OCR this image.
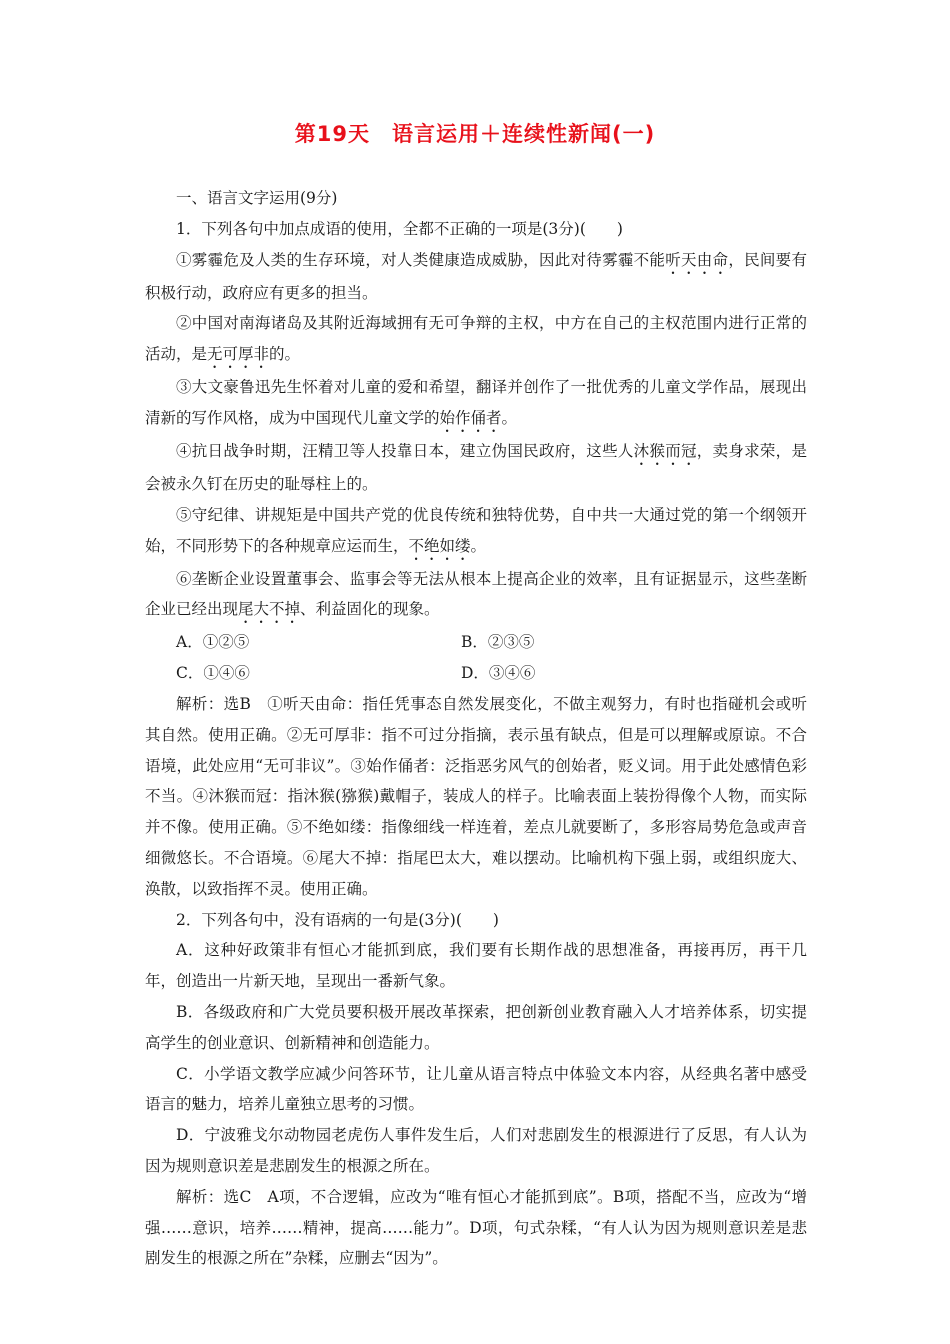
第19天　语言运用＋连续性新闻(一)

一、语言文字运用(9分)

1．下列各句中加点成语的使用，全都不正确的一项是(3分)(　　)

①雾霾危及人类的生存环境，对人类健康造成威胁，因此对待雾霾不能听天由命，民间要有积极行动，政府应有更多的担当。

②中国对南海诸岛及其附近海域拥有无可争辩的主权，中方在自己的主权范围内进行正常的活动，是无可厚非的。

③大文豪鲁迅先生怀着对儿童的爱和希望，翻译并创作了一批优秀的儿童文学作品，展现出清新的写作风格，成为中国现代儿童文学的始作俑者。

④抗日战争时期，汪精卫等人投靠日本，建立伪国民政府，这些人沐猴而冠，卖身求荣，是会被永久钉在历史的耻辱柱上的。

⑤守纪律、讲规矩是中国共产党的优良传统和独特优势，自中共一大通过党的第一个纲领开始，不同形势下的各种规章应运而生，不绝如缕。

⑥垄断企业设置董事会、监事会等无法从根本上提高企业的效率，且有证据显示，这些垄断企业已经出现尾大不掉、利益固化的现象。

A．①②⑤	B．②③⑤
C．①④⑥	D．③④⑥

解析：选B　①听天由命：指任凭事态自然发展变化，不做主观努力，有时也指碰机会或听其自然。使用正确。②无可厚非：指不可过分指摘，表示虽有缺点，但是可以理解或原谅。不合语境，此处应用“无可非议”。③始作俑者：泛指恶劣风气的创始者，贬义词。用于此处感情色彩不当。④沐猴而冠：指沐猴(猕猴)戴帽子，装成人的样子。比喻表面上装扮得像个人物，而实际并不像。使用正确。⑤不绝如缕：指像细线一样连着，差点儿就要断了，多形容局势危急或声音细微悠长。不合语境。⑥尾大不掉：指尾巴太大，难以摆动。比喻机构下强上弱，或组织庞大、涣散，以致指挥不灵。使用正确。

2．下列各句中，没有语病的一句是(3分)(　　)

A．这种好政策非有恒心才能抓到底，我们要有长期作战的思想准备，再接再厉，再干几年，创造出一片新天地，呈现出一番新气象。

B．各级政府和广大党员要积极开展改革探索，把创新创业教育融入人才培养体系，切实提高学生的创业意识、创新精神和创造能力。

C．小学语文教学应减少问答环节，让儿童从语言特点中体验文本内容，从经典名著中感受语言的魅力，培养儿童独立思考的习惯。

D．宁波雅戈尔动物园老虎伤人事件发生后，人们对悲剧发生的根源进行了反思，有人认为因为规则意识差是悲剧发生的根源之所在。

解析：选C　A项，不合逻辑，应改为“唯有恒心才能抓到底”。B项，搭配不当，应改为“增强……意识，培养……精神，提高……能力”。D项，句式杂糅，“有人认为因为规则意识差是悲剧发生的根源之所在”杂糅，应删去“因为”。
